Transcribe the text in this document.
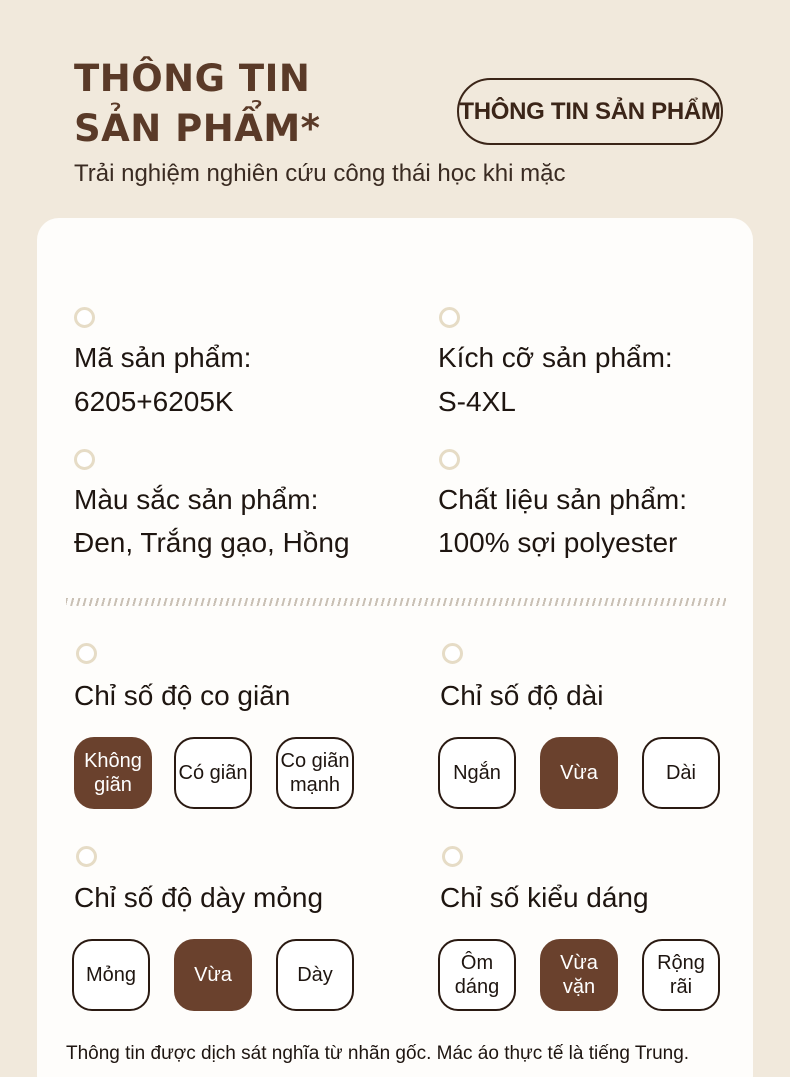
THÔNG TIN
SẢN PHẨM*	THÔNG TIN SẢN PHẨM
Trải nghiệm nghiên cứu công thái học khi mặc
Mã sản phẩm:
6205+6205K
Kích cỡ sản phẩm:
S-4XL
Màu sắc sản phẩm:
Đen, Trắng gạo, Hồng
Chất liệu sản phẩm:
100% sợi polyester
Chỉ số độ co giãn
Không giãn
Có giãn
Co giãn mạnh
Chỉ số độ dài
Ngắn	Vừa	Dài
Chỉ số độ dày mỏng
Mỏng	Vừa	Dày
Chỉ số kiểu dáng
Ôm dáng
Vừa vặn
Rộng rãi
Thông tin được dịch sát nghĩa từ nhãn gốc. Mác áo thực tế là tiếng Trung.
